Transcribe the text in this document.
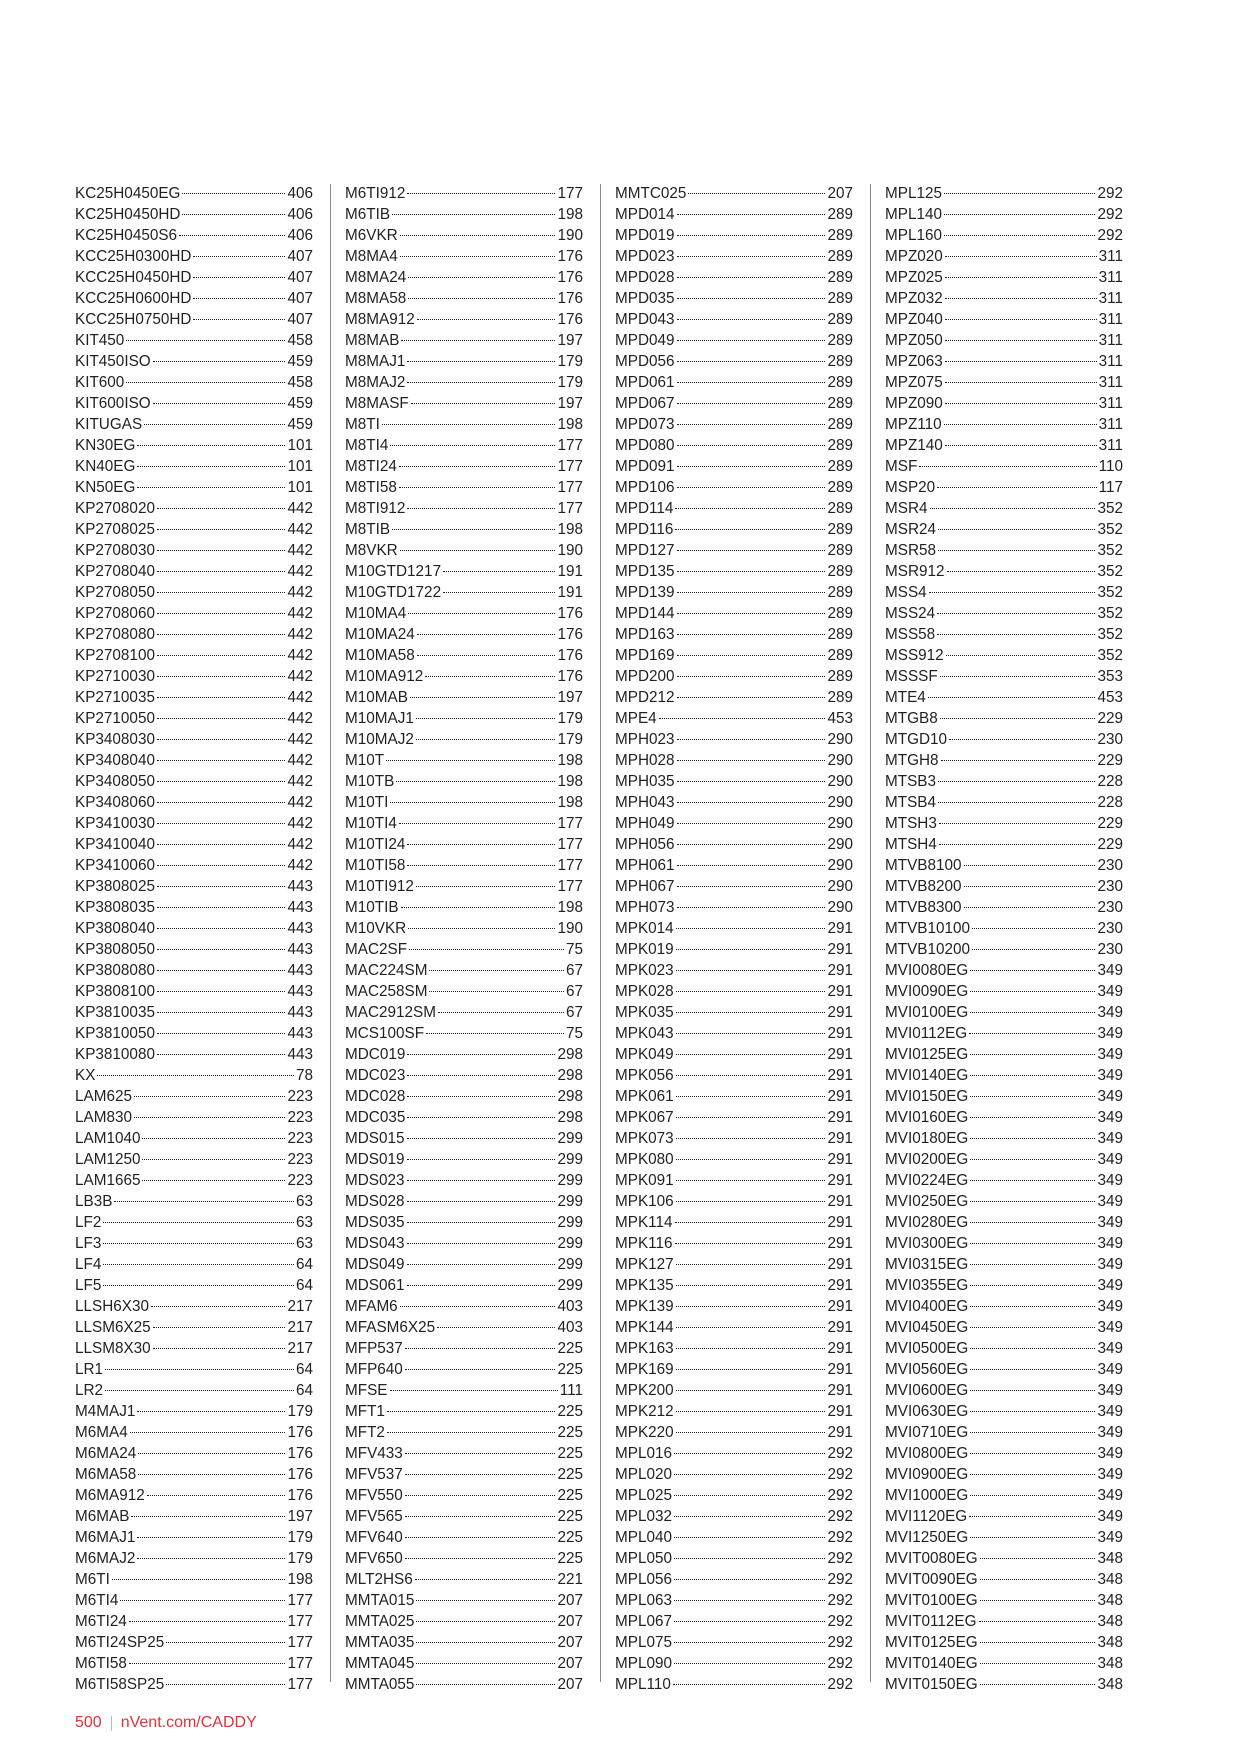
KC25H0450EG	406
KC25H0450HD	406
KC25H0450S6	406
KCC25H0300HD	407
KCC25H0450HD	407
KCC25H0600HD	407
KCC25H0750HD	407
KIT450	458
KIT450ISO	459
KIT600	458
KIT600ISO	459
KITUGAS	459
KN30EG	101
KN40EG	101
KN50EG	101
KP2708020	442
KP2708025	442
KP2708030	442
KP2708040	442
KP2708050	442
KP2708060	442
KP2708080	442
KP2708100	442
KP2710030	442
KP2710035	442
KP2710050	442
KP3408030	442
KP3408040	442
KP3408050	442
KP3408060	442
KP3410030	442
KP3410040	442
KP3410060	442
KP3808025	443
KP3808035	443
KP3808040	443
KP3808050	443
KP3808080	443
KP3808100	443
KP3810035	443
KP3810050	443
KP3810080	443
KX	78
LAM625	223
LAM830	223
LAM1040	223
LAM1250	223
LAM1665	223
LB3B	63
LF2	63
LF3	63
LF4	64
LF5	64
LLSH6X30	217
LLSM6X25	217
LLSM8X30	217
LR1	64
LR2	64
M4MAJ1	179
M6MA4	176
M6MA24	176
M6MA58	176
M6MA912	176
M6MAB	197
M6MAJ1	179
M6MAJ2	179
M6TI	198
M6TI4	177
M6TI24	177
M6TI24SP25	177
M6TI58	177
M6TI58SP25	177
M6TI912	177
M6TIB	198
M6VKR	190
M8MA4	176
M8MA24	176
M8MA58	176
M8MA912	176
M8MAB	197
M8MAJ1	179
M8MAJ2	179
M8MASF	197
M8TI	198
M8TI4	177
M8TI24	177
M8TI58	177
M8TI912	177
M8TIB	198
M8VKR	190
M10GTD1217	191
M10GTD1722	191
M10MA4	176
M10MA24	176
M10MA58	176
M10MA912	176
M10MAB	197
M10MAJ1	179
M10MAJ2	179
M10T	198
M10TB	198
M10TI	198
M10TI4	177
M10TI24	177
M10TI58	177
M10TI912	177
M10TIB	198
M10VKR	190
MAC2SF	75
MAC224SM	67
MAC258SM	67
MAC2912SM	67
MCS100SF	75
MDC019	298
MDC023	298
MDC028	298
MDC035	298
MDS015	299
MDS019	299
MDS023	299
MDS028	299
MDS035	299
MDS043	299
MDS049	299
MDS061	299
MFAM6	403
MFASM6X25	403
MFP537	225
MFP640	225
MFSE	111
MFT1	225
MFT2	225
MFV433	225
MFV537	225
MFV550	225
MFV565	225
MFV640	225
MFV650	225
MLT2HS6	221
MMTA015	207
MMTA025	207
MMTA035	207
MMTA045	207
MMTA055	207
MMTC025	207
MPD014	289
MPD019	289
MPD023	289
MPD028	289
MPD035	289
MPD043	289
MPD049	289
MPD056	289
MPD061	289
MPD067	289
MPD073	289
MPD080	289
MPD091	289
MPD106	289
MPD114	289
MPD116	289
MPD127	289
MPD135	289
MPD139	289
MPD144	289
MPD163	289
MPD169	289
MPD200	289
MPD212	289
MPE4	453
MPH023	290
MPH028	290
MPH035	290
MPH043	290
MPH049	290
MPH056	290
MPH061	290
MPH067	290
MPH073	290
MPK014	291
MPK019	291
MPK023	291
MPK028	291
MPK035	291
MPK043	291
MPK049	291
MPK056	291
MPK061	291
MPK067	291
MPK073	291
MPK080	291
MPK091	291
MPK106	291
MPK114	291
MPK116	291
MPK127	291
MPK135	291
MPK139	291
MPK144	291
MPK163	291
MPK169	291
MPK200	291
MPK212	291
MPK220	291
MPL016	292
MPL020	292
MPL025	292
MPL032	292
MPL040	292
MPL050	292
MPL056	292
MPL063	292
MPL067	292
MPL075	292
MPL090	292
MPL110	292
MPL125	292
MPL140	292
MPL160	292
MPZ020	311
MPZ025	311
MPZ032	311
MPZ040	311
MPZ050	311
MPZ063	311
MPZ075	311
MPZ090	311
MPZ110	311
MPZ140	311
MSF	110
MSP20	117
MSR4	352
MSR24	352
MSR58	352
MSR912	352
MSS4	352
MSS24	352
MSS58	352
MSS912	352
MSSSF	353
MTE4	453
MTGB8	229
MTGD10	230
MTGH8	229
MTSB3	228
MTSB4	228
MTSH3	229
MTSH4	229
MTVB8100	230
MTVB8200	230
MTVB8300	230
MTVB10100	230
MTVB10200	230
MVI0080EG	349
MVI0090EG	349
MVI0100EG	349
MVI0112EG	349
MVI0125EG	349
MVI0140EG	349
MVI0150EG	349
MVI0160EG	349
MVI0180EG	349
MVI0200EG	349
MVI0224EG	349
MVI0250EG	349
MVI0280EG	349
MVI0300EG	349
MVI0315EG	349
MVI0355EG	349
MVI0400EG	349
MVI0450EG	349
MVI0500EG	349
MVI0560EG	349
MVI0600EG	349
MVI0630EG	349
MVI0710EG	349
MVI0800EG	349
MVI0900EG	349
MVI1000EG	349
MVI1120EG	349
MVI1250EG	349
MVIT0080EG	348
MVIT0090EG	348
MVIT0100EG	348
MVIT0112EG	348
MVIT0125EG	348
MVIT0140EG	348
MVIT0150EG	348
500 nVent.com/CADDY
